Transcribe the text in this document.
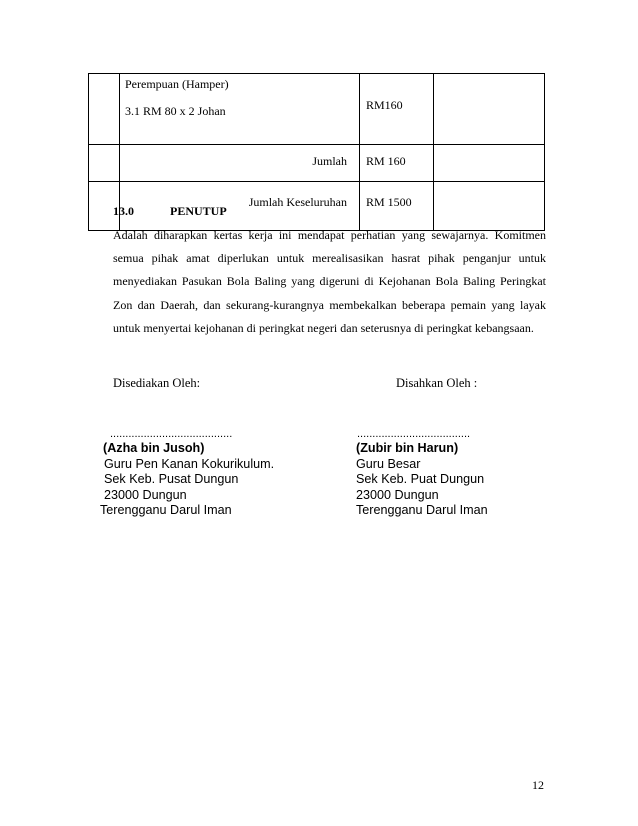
	Perempuan (Hamper)
3.1 RM 80 x 2 Johan	RM160	
	Jumlah	RM 160	
	Jumlah Keseluruhan	RM 1500	
13.0	PENUTUP
Adalah diharapkan kertas kerja ini mendapat perhatian yang sewajarnya. Komitmen semua pihak amat diperlukan untuk merealisasikan hasrat pihak penganjur untuk menyediakan Pasukan Bola Baling yang digeruni di Kejohanan Bola Baling Peringkat Zon dan Daerah, dan sekurang-kurangnya membekalkan beberapa pemain yang layak untuk menyertai kejohanan di peringkat negeri dan seterusnya di peringkat kebangsaan.
Disediakan Oleh:	Disahkan Oleh :
........................................
(Azha bin Jusoh)
Guru Pen Kanan Kokurikulum.
Sek Keb. Pusat Dungun
23000 Dungun
Terengganu Darul Iman
.....................................
(Zubir bin Harun)
Guru Besar
Sek Keb. Puat Dungun
23000 Dungun
Terengganu Darul Iman
12
